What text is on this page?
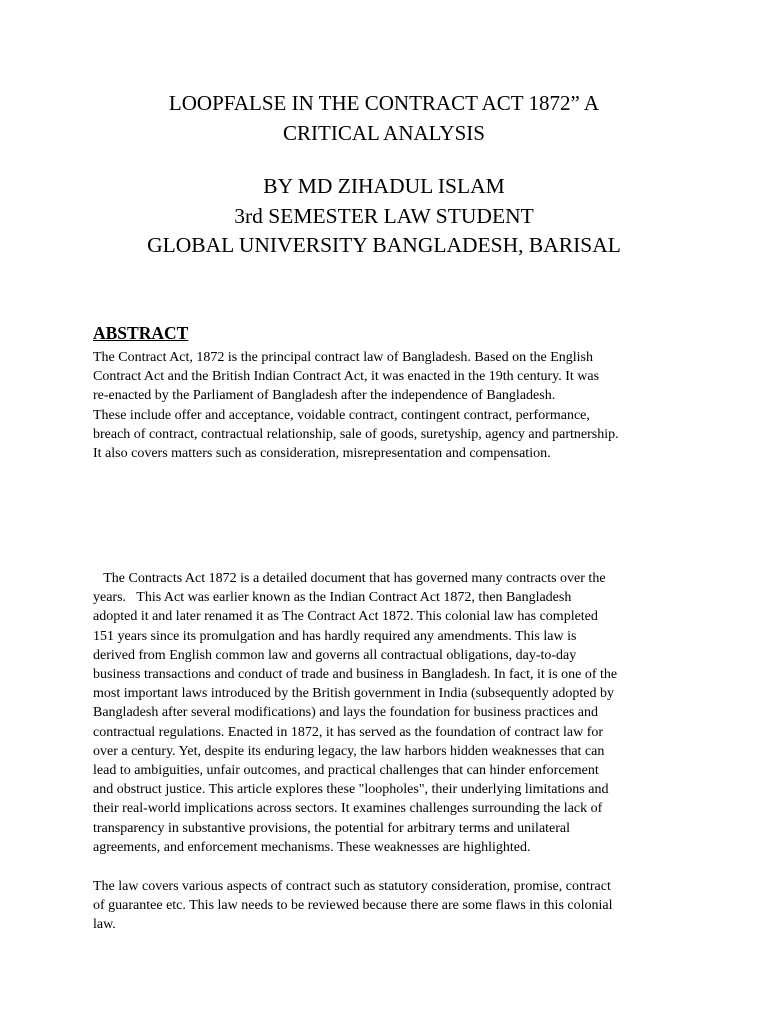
LOOPFALSE IN THE CONTRACT ACT 1872” A
CRITICAL ANALYSIS
BY MD ZIHADUL ISLAM
3rd SEMESTER LAW STUDENT
GLOBAL UNIVERSITY BANGLADESH, BARISAL
ABSTRACT
The Contract Act, 1872 is the principal contract law of Bangladesh. Based on the English
Contract Act and the British Indian Contract Act, it was enacted in the 19th century. It was
re-enacted by the Parliament of Bangladesh after the independence of Bangladesh.
These include offer and acceptance, voidable contract, contingent contract, performance,
breach of contract, contractual relationship, sale of goods, suretyship, agency and partnership.
It also covers matters such as consideration, misrepresentation and compensation.
The Contracts Act 1872 is a detailed document that has governed many contracts over the
years.   This Act was earlier known as the Indian Contract Act 1872, then Bangladesh
adopted it and later renamed it as The Contract Act 1872. This colonial law has completed
151 years since its promulgation and has hardly required any amendments. This law is
derived from English common law and governs all contractual obligations, day-to-day
business transactions and conduct of trade and business in Bangladesh. In fact, it is one of the
most important laws introduced by the British government in India (subsequently adopted by
Bangladesh after several modifications) and lays the foundation for business practices and
contractual regulations. Enacted in 1872, it has served as the foundation of contract law for
over a century. Yet, despite its enduring legacy, the law harbors hidden weaknesses that can
lead to ambiguities, unfair outcomes, and practical challenges that can hinder enforcement
and obstruct justice. This article explores these "loopholes", their underlying limitations and
their real-world implications across sectors. It examines challenges surrounding the lack of
transparency in substantive provisions, the potential for arbitrary terms and unilateral
agreements, and enforcement mechanisms. These weaknesses are highlighted.
The law covers various aspects of contract such as statutory consideration, promise, contract
of guarantee etc. This law needs to be reviewed because there are some flaws in this colonial
law.
